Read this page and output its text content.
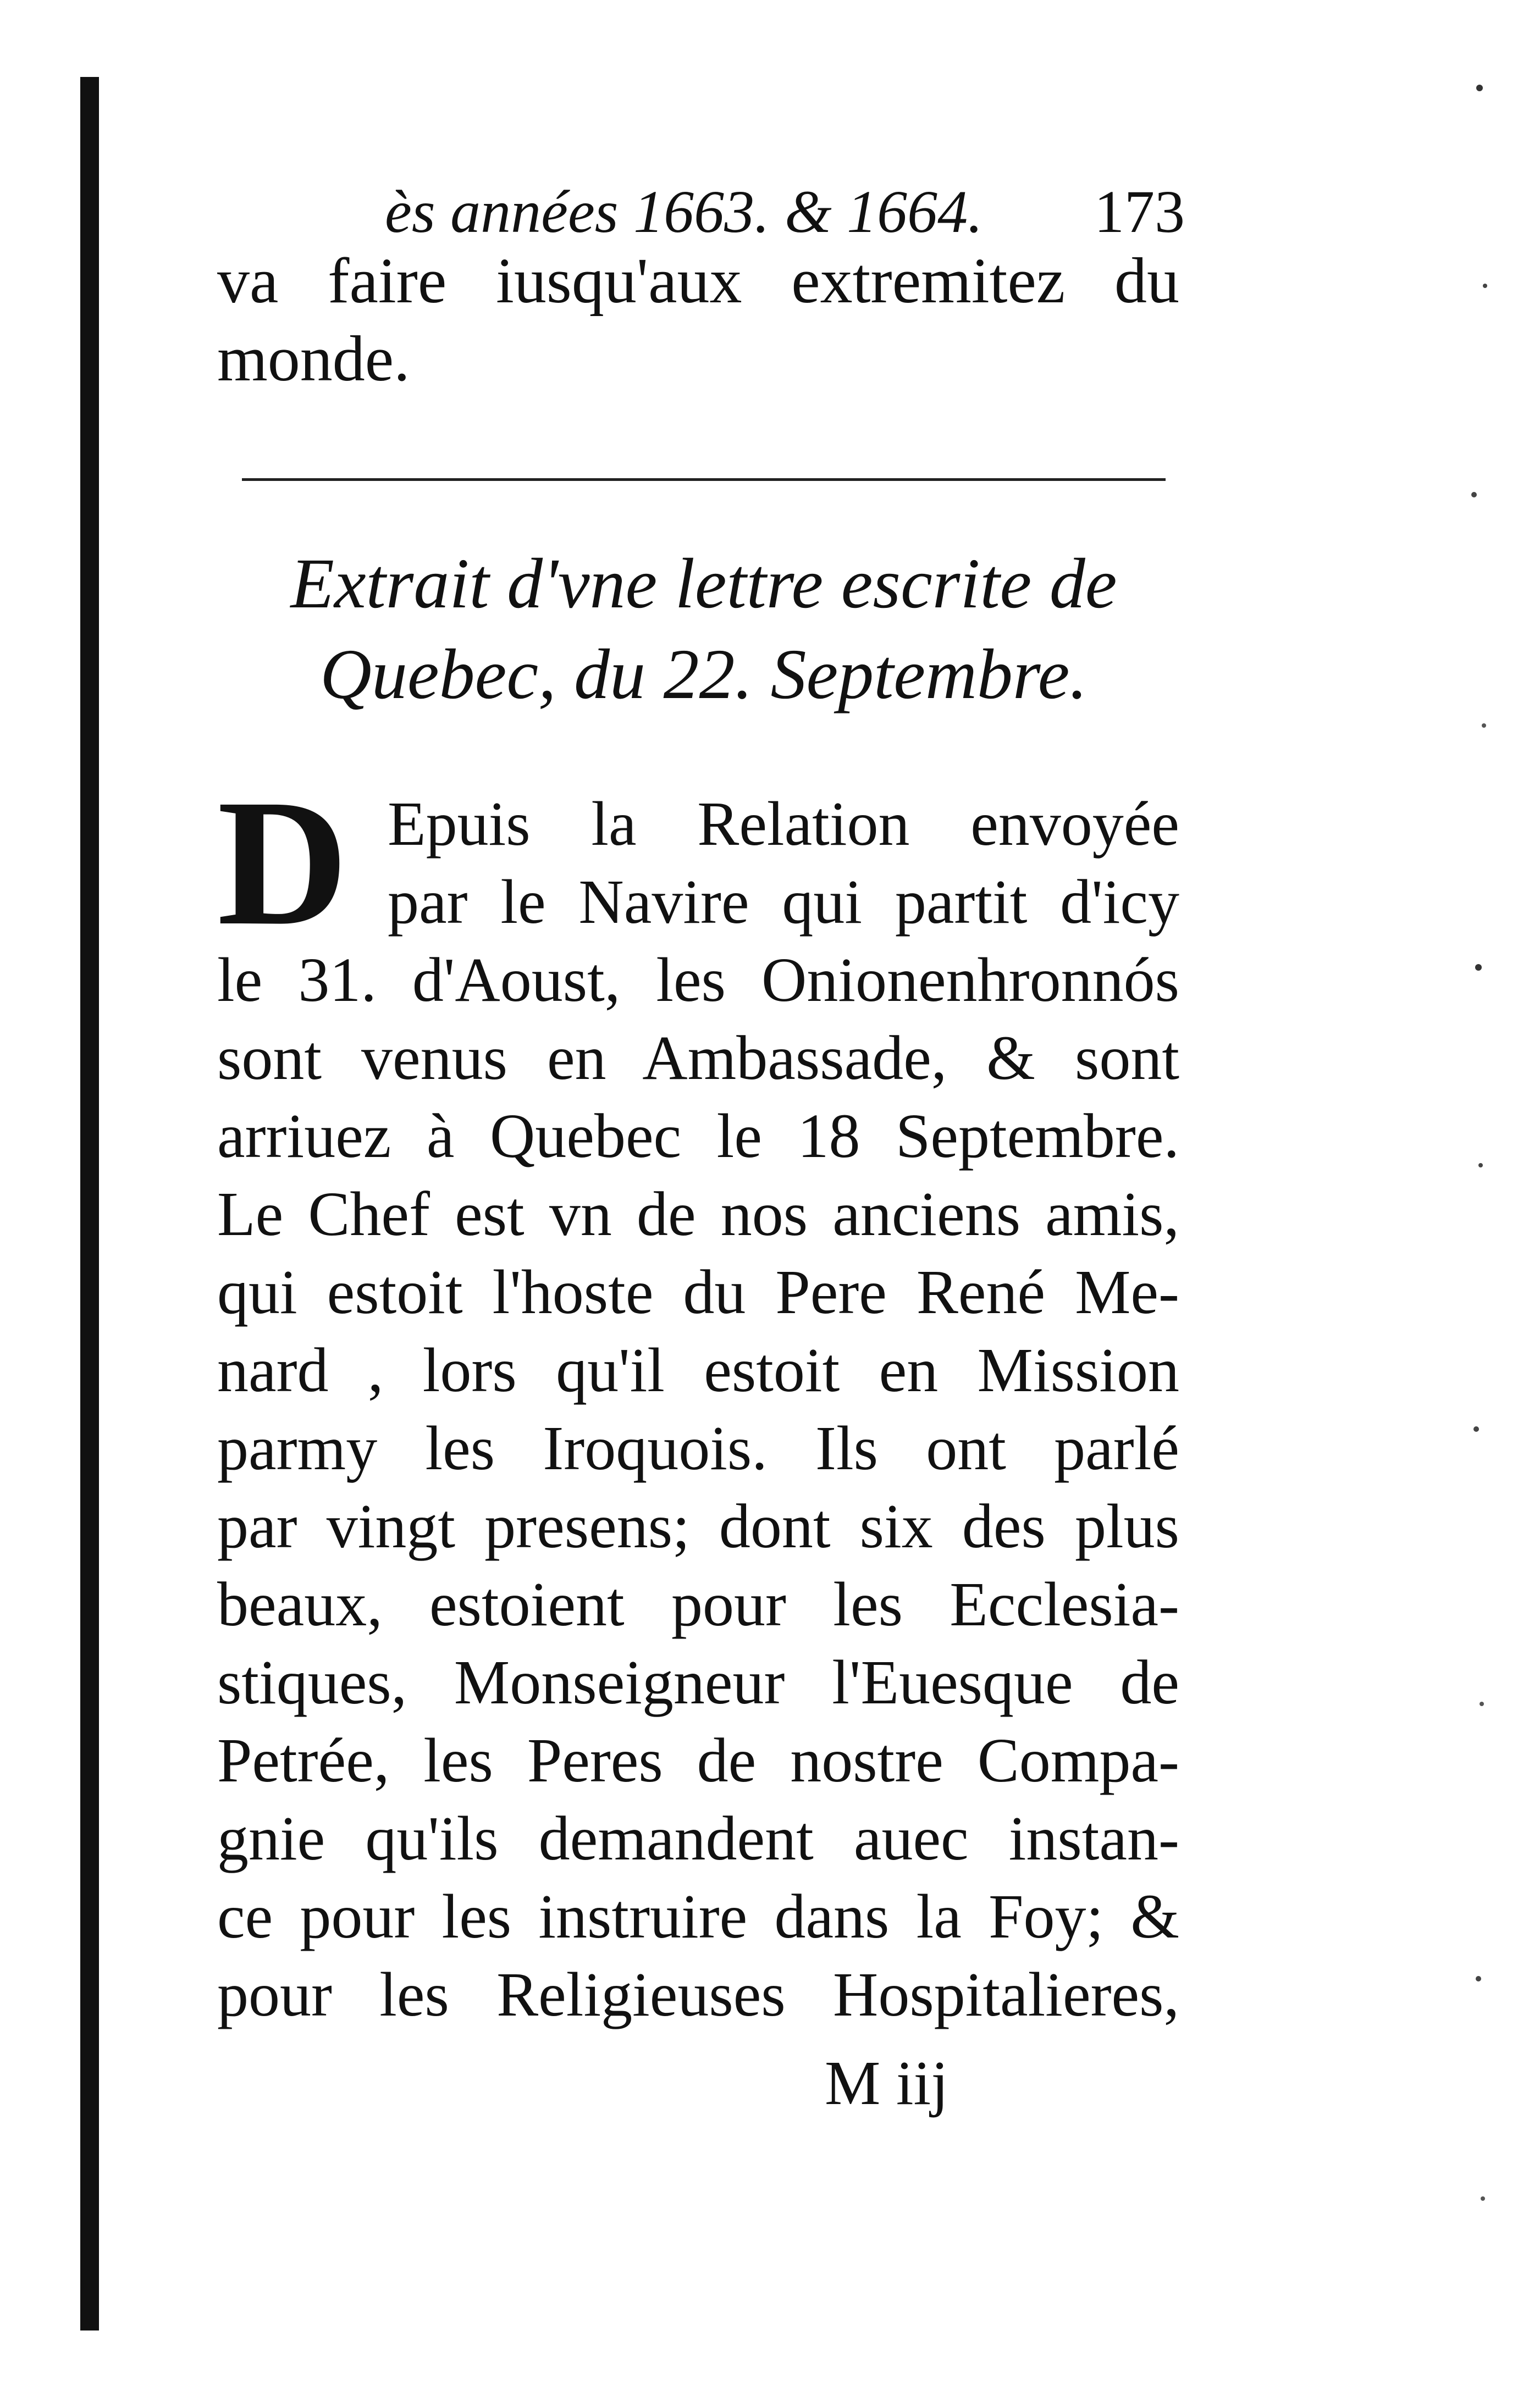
ès années 1663. & 1664. 173
va faire iusqu'aux extremitez du
monde.
Extrait d'vne lettre escrite de
Quebec, du 22. Septembre.
D Epuis la Relation envoyée
par le Navire qui partit d'icy
le 31. d'Aoust, les Onionenhronnós
sont venus en Ambassade, & sont
arriuez à Quebec le 18 Septembre.
Le Chef est vn de nos anciens amis,
qui estoit l'hoste du Pere René Me-
nard , lors qu'il estoit en Mission
parmy les Iroquois. Ils ont parlé
par vingt presens; dont six des plus
beaux, estoient pour les Ecclesia-
stiques, Monseigneur l'Euesque de
Petrée, les Peres de nostre Compa-
gnie qu'ils demandent auec instan-
ce pour les instruire dans la Foy; &
pour les Religieuses Hospitalieres,
M iij
